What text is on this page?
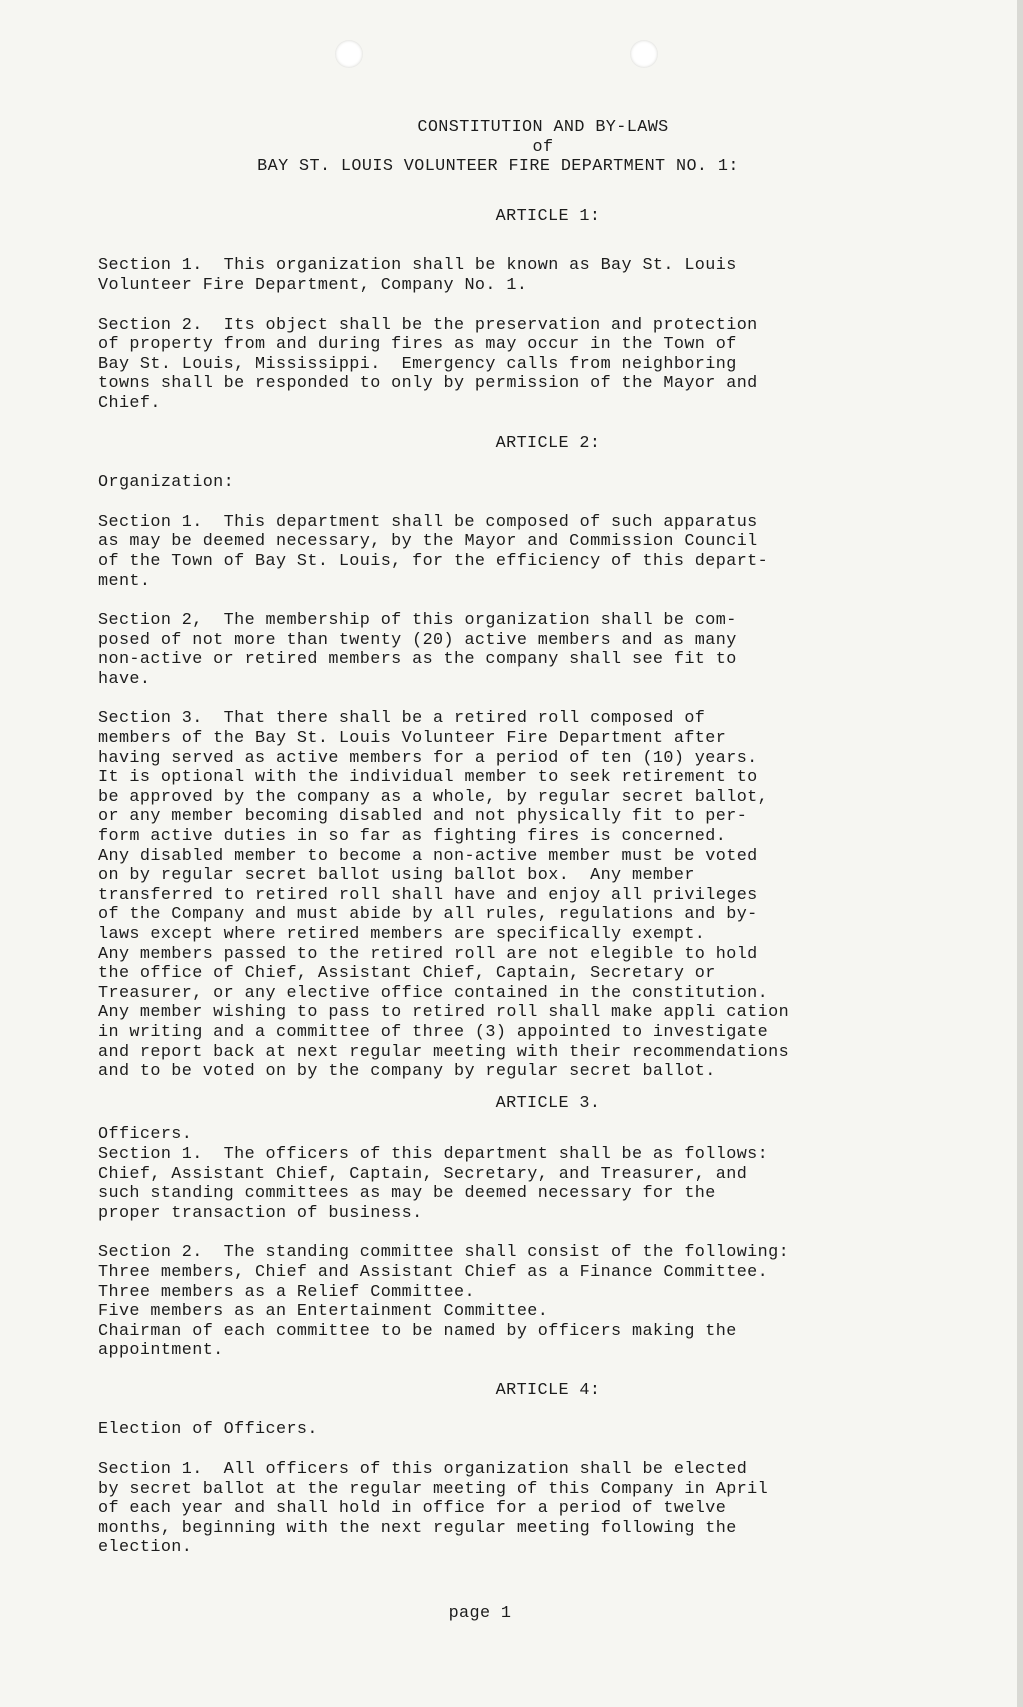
CONSTITUTION AND BY-LAWS

of

BAY ST. LOUIS VOLUNTEER FIRE DEPARTMENT NO. 1:

ARTICLE 1:

Section 1.  This organization shall be known as Bay St. Louis
Volunteer Fire Department, Company No. 1.

Section 2.  Its object shall be the preservation and protection
of property from and during fires as may occur in the Town of
Bay St. Louis, Mississippi.  Emergency calls from neighboring
towns shall be responded to only by permission of the Mayor and
Chief.

ARTICLE 2:

Organization:

Section 1.  This department shall be composed of such apparatus
as may be deemed necessary, by the Mayor and Commission Council
of the Town of Bay St. Louis, for the efficiency of this depart-
ment.

Section 2,  The membership of this organization shall be com-
posed of not more than twenty (20) active members and as many
non-active or retired members as the company shall see fit to
have.

Section 3.  That there shall be a retired roll composed of
members of the Bay St. Louis Volunteer Fire Department after
having served as active members for a period of ten (10) years.
It is optional with the individual member to seek retirement to
be approved by the company as a whole, by regular secret ballot,
or any member becoming disabled and not physically fit to per-
form active duties in so far as fighting fires is concerned.
Any disabled member to become a non-active member must be voted
on by regular secret ballot using ballot box.  Any member
transferred to retired roll shall have and enjoy all privileges
of the Company and must abide by all rules, regulations and by-
laws except where retired members are specifically exempt.
Any members passed to the retired roll are not elegible to hold
the office of Chief, Assistant Chief, Captain, Secretary or
Treasurer, or any elective office contained in the constitution.
Any member wishing to pass to retired roll shall make appli cation
in writing and a committee of three (3) appointed to investigate
and report back at next regular meeting with their recommendations
and to be voted on by the company by regular secret ballot.

ARTICLE 3.

Officers.
Section 1.  The officers of this department shall be as follows:
Chief, Assistant Chief, Captain, Secretary, and Treasurer, and
such standing committees as may be deemed necessary for the
proper transaction of business.

Section 2.  The standing committee shall consist of the following:
Three members, Chief and Assistant Chief as a Finance Committee.
Three members as a Relief Committee.
Five members as an Entertainment Committee.
Chairman of each committee to be named by officers making the
appointment.

ARTICLE 4:

Election of Officers.

Section 1.  All officers of this organization shall be elected
by secret ballot at the regular meeting of this Company in April
of each year and shall hold in office for a period of twelve
months, beginning with the next regular meeting following the
election.

page 1
